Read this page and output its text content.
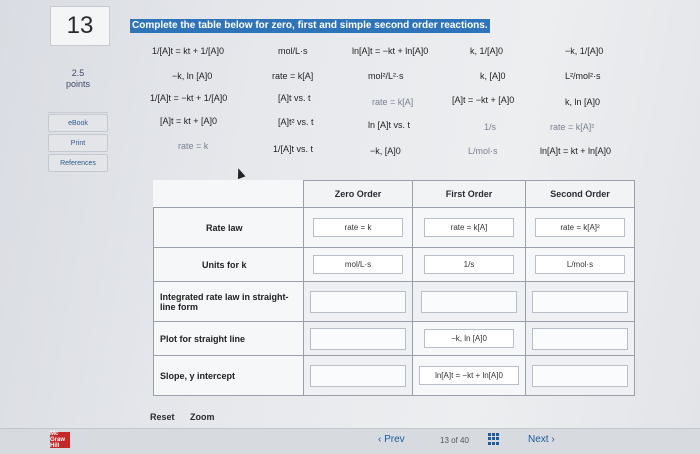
13
2.5
points
eBook
Print
References
Complete the table below for zero, first and simple second order reactions.
1/[A]t = kt + 1/[A]0	mol/L·s	ln[A]t = −kt + ln[A]0	k, 1/[A]0	−k, 1/[A]0
−k, ln [A]0	rate = k[A]	mol²/L²·s	k, [A]0	L²/mol²·s
1/[A]t = −kt + 1/[A]0	[A]t vs. t	rate = k[A]	[A]t = −kt + [A]0	k, ln [A]0
[A]t = kt + [A]0	[A]t² vs. t	ln [A]t vs. t	1/s	rate = k[A]²
rate = k	1/[A]t vs. t	−k, [A]0	L/mol·s	ln[A]t = kt + ln[A]0
	Zero Order	First Order	Second Order
Rate law	rate = k	rate = k[A]	rate = k[A]²

Units for k	mol/L·s	1/s	L/mol·s

Integrated rate law in straight-line form	

Plot for straight line		−k, ln [A]0	

Slope, y intercept		ln[A]t = −kt + ln[A]0	

Reset Zoom
Mc Graw Hill
‹ Prev	13 of 40	Next ›
